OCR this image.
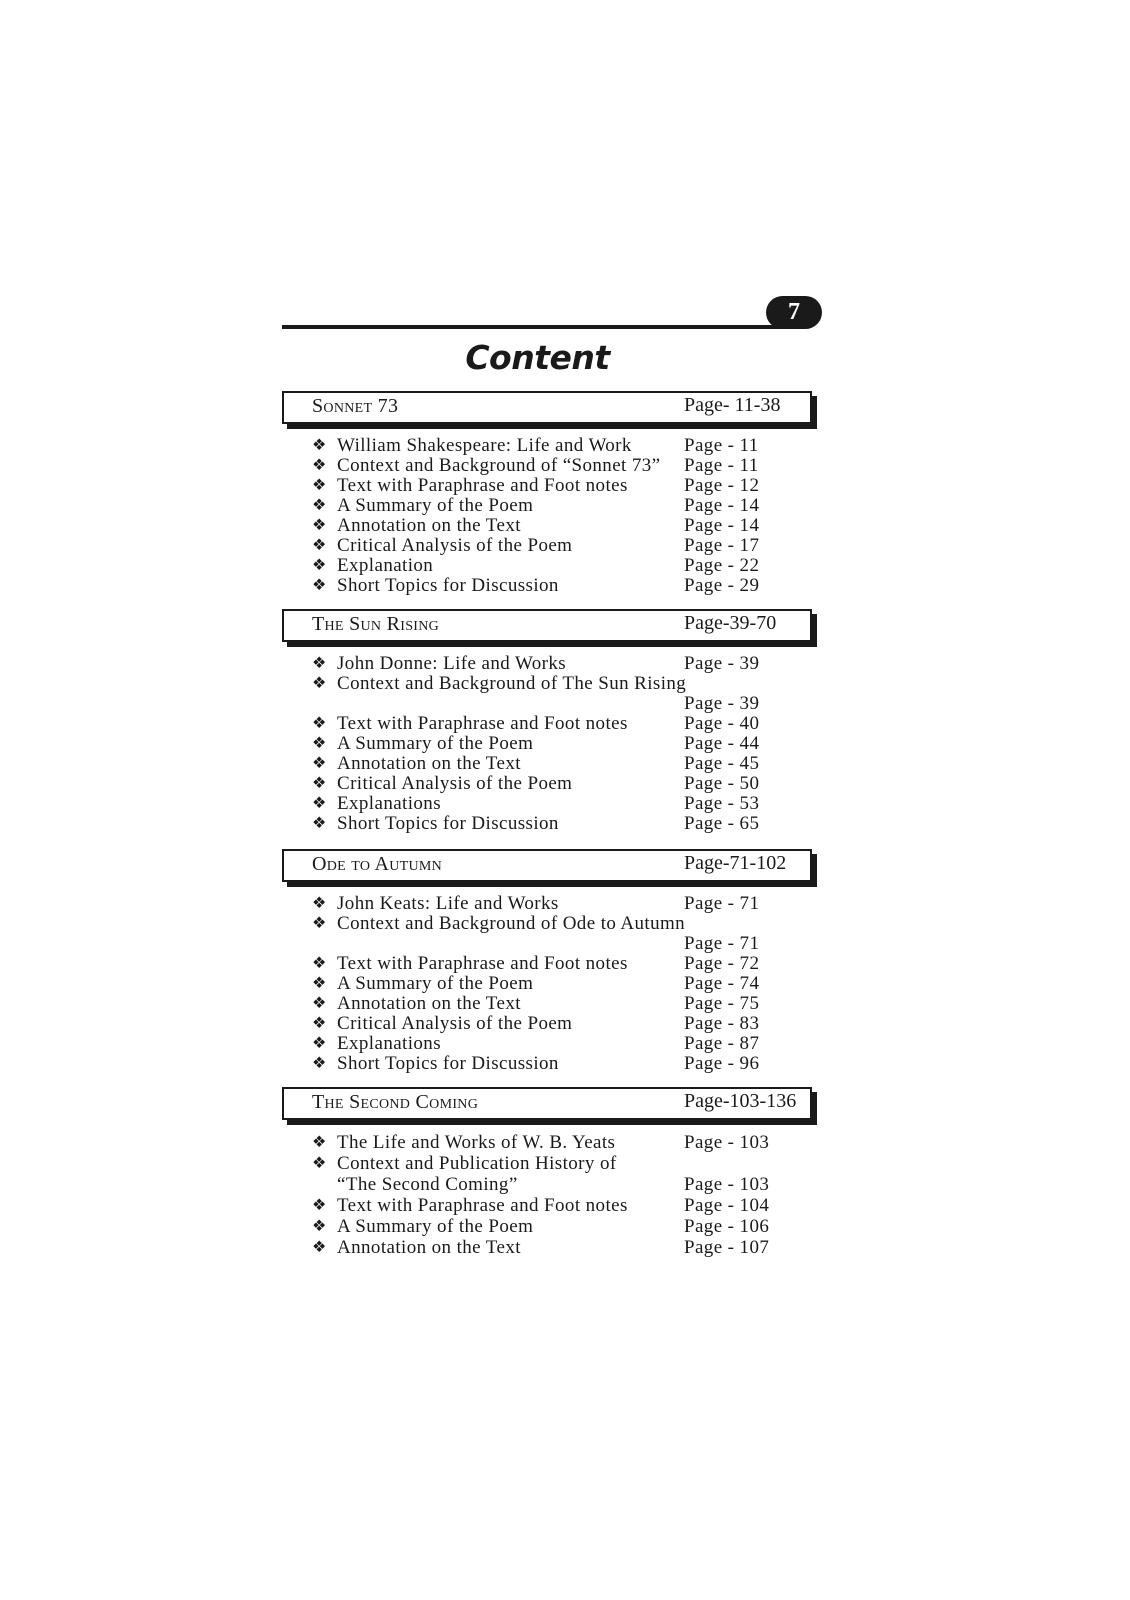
7
Content
Sonnet 73	Page- 11-38
❖ William Shakespeare: Life and Work	Page - 11
❖ Context and Background of “Sonnet 73” Page - 11
❖ Text with Paraphrase and Foot notes	Page - 12
❖ A Summary of the Poem	Page - 14
❖ Annotation on the Text	Page - 14
❖ Critical Analysis of the Poem	Page - 17
❖ Explanation	Page - 22
❖ Short Topics for Discussion	Page - 29
The Sun Rising	Page-39-70
❖ John Donne: Life and Works	Page - 39
❖ Context and Background of The Sun Rising
Page - 39
❖ Text with Paraphrase and Foot notes	Page - 40
❖ A Summary of the Poem	Page - 44
❖ Annotation on the Text	Page - 45
❖ Critical Analysis of the Poem	Page - 50
❖ Explanations	Page - 53
❖ Short Topics for Discussion	Page - 65
Ode to Autumn	Page-71-102
❖ John Keats: Life and Works	Page - 71
❖ Context and Background of Ode to Autumn
Page - 71
❖ Text with Paraphrase and Foot notes	Page - 72
❖ A Summary of the Poem	Page - 74
❖ Annotation on the Text	Page - 75
❖ Critical Analysis of the Poem	Page - 83
❖ Explanations	Page - 87
❖ Short Topics for Discussion	Page - 96
The Second Coming	Page-103-136
❖ The Life and Works of W. B. Yeats	Page - 103
❖ Context and Publication History of
“The Second Coming”	Page - 103
❖ Text with Paraphrase and Foot notes	Page - 104
❖ A Summary of the Poem	Page - 106
❖ Annotation on the Text	Page - 107
